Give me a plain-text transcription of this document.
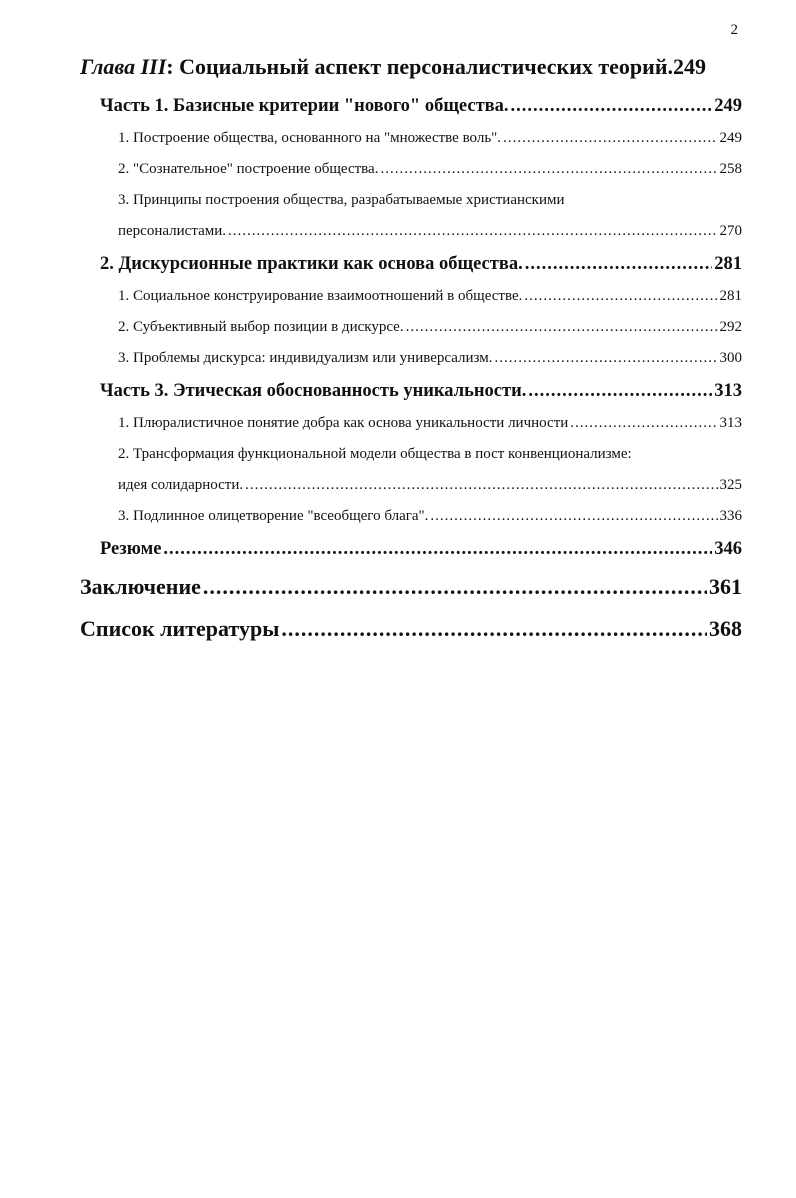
2
Глава III: Социальный аспект персоналистических теорий. 249
Часть 1. Базисные критерии "нового" общества. .....	249
1. Построение общества, основанного на "множестве воль". .....	249
2. "Сознательное" построение общества. .....	258
3. Принципы построения общества, разрабатываемые христианскими
персоналистами. .....	270
2. Дискурсионные практики как основа общества. .....	281
1. Социальное конструирование взаимоотношений в обществе. .....	281
2. Субъективный выбор позиции в дискурсе. .....	292
3. Проблемы дискурса: индивидуализм или универсализм. .....	300
Часть 3. Этическая обоснованность уникальности. .....	313
1. Плюралистичное понятие добра как основа уникальности личности .....	313
2. Трансформация функциональной модели общества в пост конвенционализме:
идея солидарности. .....	325
3. Подлинное олицетворение "всеобщего блага". .....	336
Резюме .....	346
Заключение .....	361
Список литературы .....	368
